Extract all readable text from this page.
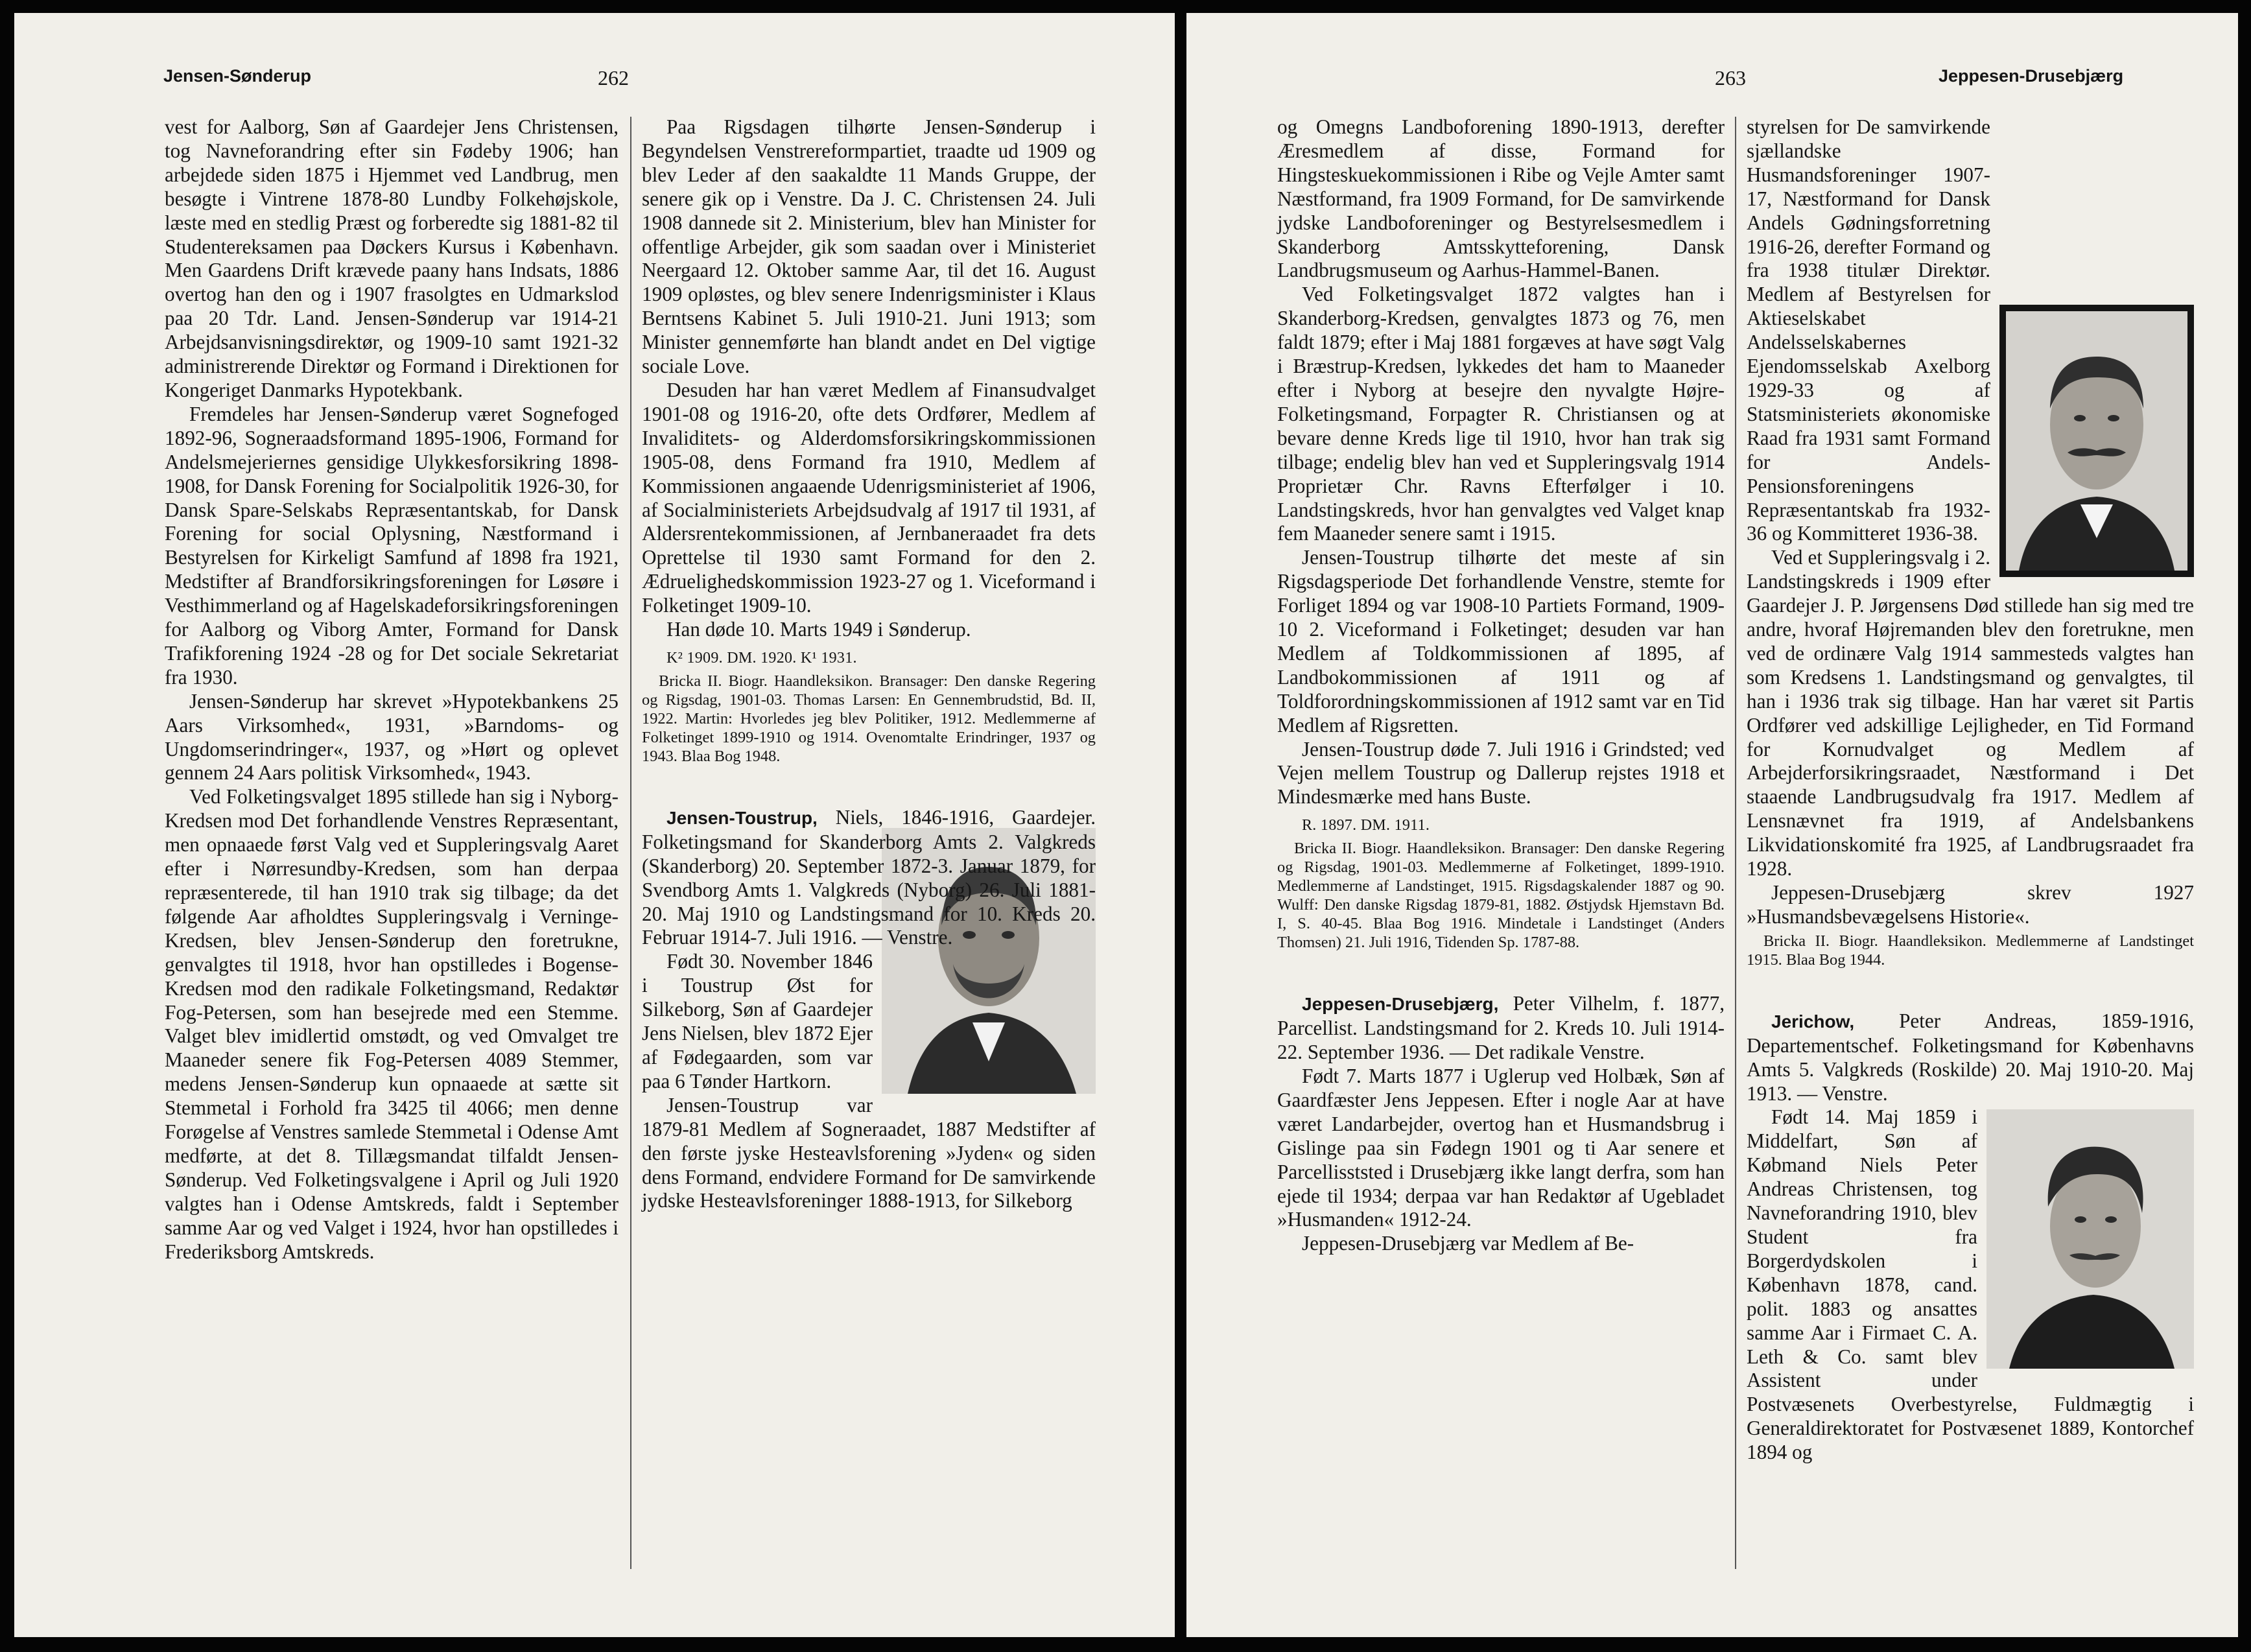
Jensen-Sønderup	262

vest for Aalborg, Søn af Gaardejer Jens Christensen, tog Navneforandring efter sin Fødeby 1906; han arbejdede siden 1875 i Hjemmet ved Landbrug, men besøgte i Vintrene 1878-80 Lundby Folkehøjskole, læste med en stedlig Præst og forberedte sig 1881-82 til Studentereksamen paa Døckers Kursus i København. Men Gaardens Drift krævede paany hans Indsats, 1886 overtog han den og i 1907 frasolgtes en Udmarkslod paa 20 Tdr. Land. Jensen-Sønderup var 1914-21 Arbejdsanvisningsdirektør, og 1909-10 samt 1921-32 administrerende Direktør og Formand i Direktionen for Kongeriget Danmarks Hypotekbank.

Fremdeles har Jensen-Sønderup været Sognefoged 1892-96, Sogneraadsformand 1895-1906, Formand for Andelsmejeriernes gensidige Ulykkesforsikring 1898-1908, for Dansk Forening for Socialpolitik 1926-30, for Dansk Spare-Selskabs Repræsentantskab, for Dansk Forening for social Oplysning, Næstformand i Bestyrelsen for Kirkeligt Samfund af 1898 fra 1921, Medstifter af Brandforsikringsforeningen for Løsøre i Vesthimmerland og af Hagelskadeforsikringsforeningen for Aalborg og Viborg Amter, Formand for Dansk Trafikforening 1924 -28 og for Det sociale Sekretariat fra 1930.

Jensen-Sønderup har skrevet »Hypotekbankens 25 Aars Virksomhed«, 1931, »Barndoms- og Ungdomserindringer«, 1937, og »Hørt og oplevet gennem 24 Aars politisk Virksomhed«, 1943.

Ved Folketingsvalget 1895 stillede han sig i Nyborg-Kredsen mod Det forhandlende Venstres Repræsentant, men opnaaede først Valg ved et Suppleringsvalg Aaret efter i Nørresundby-Kredsen, som han derpaa repræsenterede, til han 1910 trak sig tilbage; da det følgende Aar afholdtes Suppleringsvalg i Verninge-Kredsen, blev Jensen-Sønderup den foretrukne, genvalgtes til 1918, hvor han opstilledes i Bogense-Kredsen mod den radikale Folketingsmand, Redaktør Fog-Petersen, som han besejrede med een Stemme. Valget blev imidlertid omstødt, og ved Omvalget tre Maaneder senere fik Fog-Petersen 4089 Stemmer, medens Jensen-Sønderup kun opnaaede at sætte sit Stemmetal i Forhold fra 3425 til 4066; men denne Forøgelse af Venstres samlede Stemmetal i Odense Amt medførte, at det 8. Tillægsmandat tilfaldt Jensen-Sønderup. Ved Folketingsvalgene i April og Juli 1920 valgtes han i Odense Amtskreds, faldt i September samme Aar og ved Valget i 1924, hvor han opstilledes i Frederiksborg Amtskreds.

Paa Rigsdagen tilhørte Jensen-Sønderup i Begyndelsen Venstrereformpartiet, traadte ud 1909 og blev Leder af den saakaldte 11 Mands Gruppe, der senere gik op i Venstre. Da J. C. Christensen 24. Juli 1908 dannede sit 2. Ministerium, blev han Minister for offentlige Arbejder, gik som saadan over i Ministeriet Neergaard 12. Oktober samme Aar, til det 16. August 1909 opløstes, og blev senere Indenrigsminister i Klaus Berntsens Kabinet 5. Juli 1910-21. Juni 1913; som Minister gennemførte han blandt andet en Del vigtige sociale Love.

Desuden har han været Medlem af Finansudvalget 1901-08 og 1916-20, ofte dets Ordfører, Medlem af Invaliditets- og Alderdomsforsikringskommissionen 1905-08, dens Formand fra 1910, Medlem af Kommissionen angaaende Udenrigsministeriet af 1906, af Socialministeriets Arbejdsudvalg af 1917 til 1931, af Aldersrentekommissionen, af Jernbaneraadet fra dets Oprettelse til 1930 samt Formand for den 2. Ædruelighedskommission 1923-27 og 1. Viceformand i Folketinget 1909-10.

Han døde 10. Marts 1949 i Sønderup.

K² 1909. DM. 1920. K¹ 1931.

Bricka II. Biogr. Haandleksikon. Bransager: Den danske Regering og Rigsdag, 1901-03. Thomas Larsen: En Gennembrudstid, Bd. II, 1922. Martin: Hvorledes jeg blev Politiker, 1912. Medlemmerne af Folketinget 1899-1910 og 1914. Ovenomtalte Erindringer, 1937 og 1943. Blaa Bog 1948.

Jensen-Toustrup, Niels, 1846-1916, Gaardejer. Folketingsmand for Skanderborg Amts 2. Valgkreds (Skanderborg) 20. September 1872-3. Januar 1879, for Svendborg Amts 1. Valgkreds (Nyborg) 26. Juli 1881-20. Maj 1910 og Landstingsmand for 10. Kreds 20. Februar 1914-7. Juli 1916. — Venstre.

Født 30. November 1846 i Toustrup Øst for Silkeborg, Søn af Gaardejer Jens Nielsen, blev 1872 Ejer af Fødegaarden, som var paa 6 Tønder Hartkorn.

Jensen-Toustrup var 1879-81 Medlem af Sogneraadet, 1887 Medstifter af den første jyske Hesteavlsforening »Jyden« og siden dens Formand, endvidere Formand for De samvirkende jydske Hesteavlsforeninger 1888-1913, for Silkeborg

263	Jeppesen-Drusebjærg

og Omegns Landboforening 1890-1913, derefter Æresmedlem af disse, Formand for Hingsteskuekommissionen i Ribe og Vejle Amter samt Næstformand, fra 1909 Formand, for De samvirkende jydske Landboforeninger og Bestyrelsesmedlem i Skanderborg Amtsskytteforening, Dansk Landbrugsmuseum og Aarhus-Hammel-Banen.

Ved Folketingsvalget 1872 valgtes han i Skanderborg-Kredsen, genvalgtes 1873 og 76, men faldt 1879; efter i Maj 1881 forgæves at have søgt Valg i Bræstrup-Kredsen, lykkedes det ham to Maaneder efter i Nyborg at besejre den nyvalgte Højre-Folketingsmand, Forpagter R. Christiansen og at bevare denne Kreds lige til 1910, hvor han trak sig tilbage; endelig blev han ved et Suppleringsvalg 1914 Proprietær Chr. Ravns Efterfølger i 10. Landstingskreds, hvor han genvalgtes ved Valget knap fem Maaneder senere samt i 1915.

Jensen-Toustrup tilhørte det meste af sin Rigsdagsperiode Det forhandlende Venstre, stemte for Forliget 1894 og var 1908-10 Partiets Formand, 1909-10 2. Viceformand i Folketinget; desuden var han Medlem af Toldkommissionen af 1895, af Landbokommissionen af 1911 og af Toldforordningskommissionen af 1912 samt var en Tid Medlem af Rigsretten.

Jensen-Toustrup døde 7. Juli 1916 i Grindsted; ved Vejen mellem Toustrup og Dallerup rejstes 1918 et Mindesmærke med hans Buste.

R. 1897. DM. 1911.

Bricka II. Biogr. Haandleksikon. Bransager: Den danske Regering og Rigsdag, 1901-03. Medlemmerne af Folketinget, 1899-1910. Medlemmerne af Landstinget, 1915. Rigsdagskalender 1887 og 90. Wulff: Den danske Rigsdag 1879-81, 1882. Østjydsk Hjemstavn Bd. I, S. 40-45. Blaa Bog 1916. Mindetale i Landstinget (Anders Thomsen) 21. Juli 1916, Tidenden Sp. 1787-88.

Jeppesen-Drusebjærg, Peter Vilhelm, f. 1877, Parcellist. Landstingsmand for 2. Kreds 10. Juli 1914-22. September 1936. — Det radikale Venstre.

Født 7. Marts 1877 i Uglerup ved Holbæk, Søn af Gaardfæster Jens Jeppesen. Efter i nogle Aar at have været Landarbejder, overtog han et Husmandsbrug i Gislinge paa sin Fødegn 1901 og ti Aar senere et Parcellisststed i Drusebjærg ikke langt derfra, som han ejede til 1934; derpaa var han Redaktør af Ugebladet »Husmanden« 1912-24.

Jeppesen-Drusebjærg var Medlem af Be-

styrelsen for De samvirkende sjællandske Husmandsforeninger 1907-17, Næstformand for Dansk Andels Gødningsforretning 1916-26, derefter Formand og fra 1938 titulær Direktør. Medlem af Bestyrelsen for Aktieselskabet Andelsselskabernes Ejendomsselskab Axelborg 1929-33 og af Statsministeriets økonomiske Raad fra 1931 samt Formand for Andels-Pensionsforeningens Repræsentantskab fra 1932-36 og Kommitteret 1936-38.

Ved et Suppleringsvalg i 2. Landstingskreds i 1909 efter Gaardejer J. P. Jørgensens Død stillede han sig med tre andre, hvoraf Højremanden blev den foretrukne, men ved de ordinære Valg 1914 sammesteds valgtes han som Kredsens 1. Landstingsmand og genvalgtes, til han i 1936 trak sig tilbage. Han har været sit Partis Ordfører ved adskillige Lejligheder, en Tid Formand for Kornudvalget og Medlem af Arbejderforsikringsraadet, Næstformand i Det staaende Landbrugsudvalg fra 1917. Medlem af Lensnævnet fra 1919, af Andelsbankens Likvidationskomité fra 1925, af Landbrugsraadet fra 1928.

Jeppesen-Drusebjærg skrev 1927 »Husmandsbevægelsens Historie«.

Bricka II. Biogr. Haandleksikon. Medlemmerne af Landstinget 1915. Blaa Bog 1944.

Jerichow, Peter Andreas, 1859-1916, Departementschef. Folketingsmand for Københavns Amts 5. Valgkreds (Roskilde) 20. Maj 1910-20. Maj 1913. — Venstre.

Født 14. Maj 1859 i Middelfart, Søn af Købmand Niels Peter Andreas Christensen, tog Navneforandring 1910, blev Student fra Borgerdydskolen i København 1878, cand. polit. 1883 og ansattes samme Aar i Firmaet C. A. Leth & Co. samt blev Assistent under Postvæsenets Overbestyrelse, Fuldmægtig i Generaldirektoratet for Postvæsenet 1889, Kontorchef 1894 og
